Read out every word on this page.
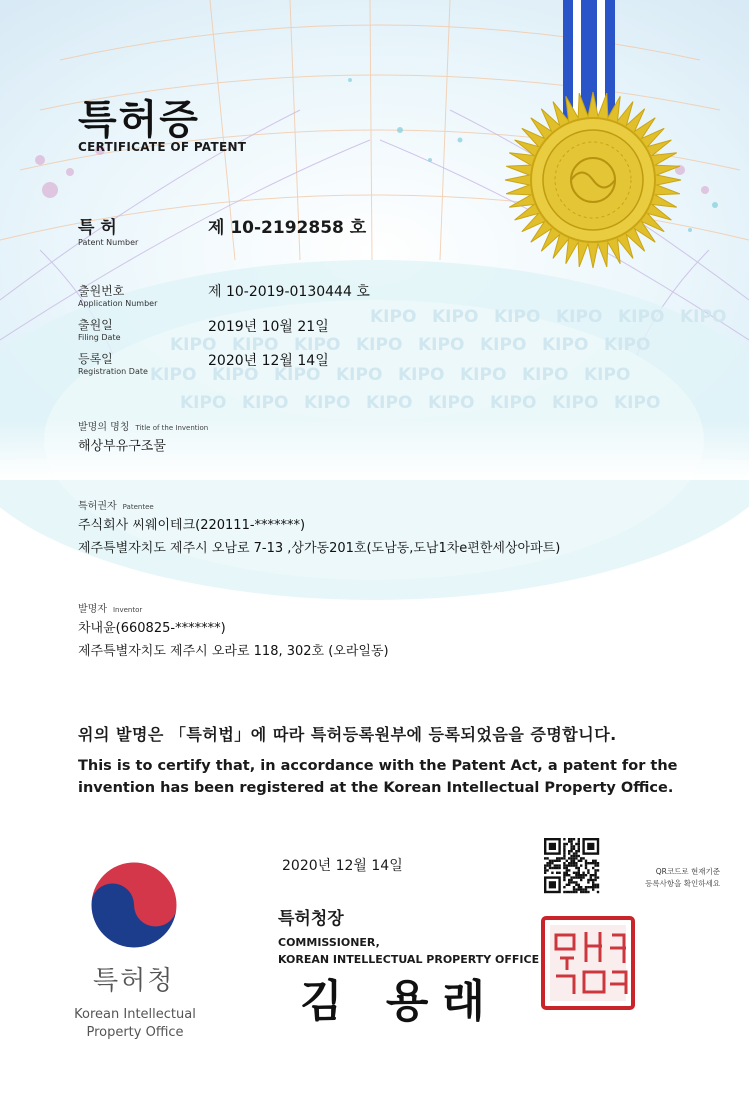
KIPO KIPO KIPO KIPO KIPO KIPO
KIPO KIPO KIPO KIPO KIPO KIPO KIPO KIPO
KIPO KIPO KIPO KIPO KIPO KIPO KIPO KIPO
KIPO KIPO KIPO KIPO KIPO KIPO KIPO KIPO
특허증
CERTIFICATE OF PATENT
특 허
Patent Number
제 10-2192858 호
출원번호
Application Number
제 10-2019-0130444 호
출원일
Filing Date
2019년 10월 21일
등록일
Registration Date
2020년 12월 14일
발명의 명칭 Title of the Invention
해상부유구조물
특허권자 Patentee
주식회사 씨웨이테크(220111-*******)
제주특별자치도 제주시 오남로 7-13 ,상가동201호(도남동,도남1차e편한세상아파트)
발명자 Inventor
차내윤(660825-*******)
제주특별자치도 제주시 오라로 118, 302호 (오라일동)
위의 발명은 「특허법」에 따라 특허등록원부에 등록되었음을 증명합니다.
This is to certify that, in accordance with the Patent Act, a patent for the
invention has been registered at the Korean Intellectual Property Office.
2020년 12월 14일	QR코드로 현재기준
등록사항을 확인하세요
특허청장
COMMISSIONER,
KOREAN INTELLECTUAL PROPERTY OFFICE
김 용래
특허청
Korean Intellectual
Property Office
